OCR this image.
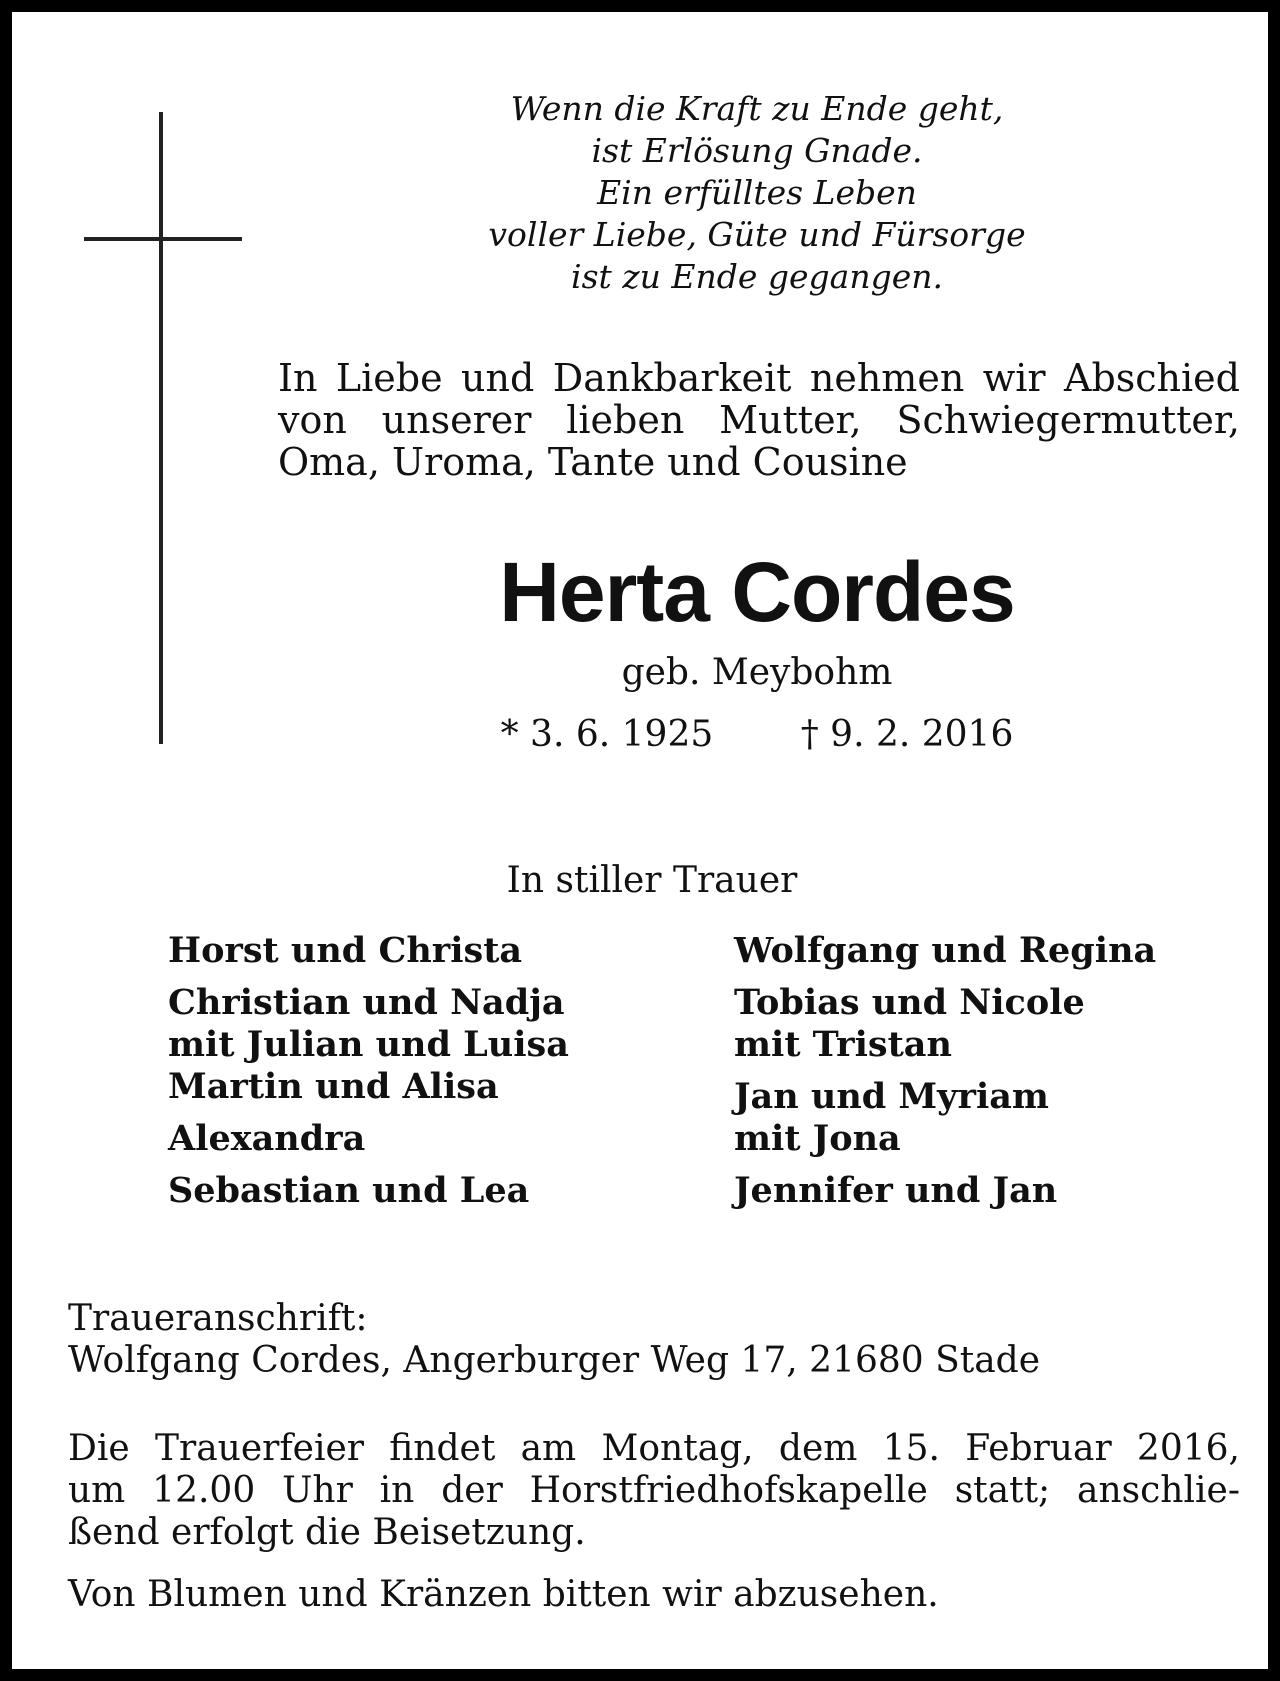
Wenn die Kraft zu Ende geht,
ist Erlösung Gnade.
Ein erfülltes Leben
voller Liebe, Güte und Fürsorge
ist zu Ende gegangen.
In Liebe und Dankbarkeit nehmen wir Abschied
von unserer lieben Mutter, Schwiegermutter,
Oma, Uroma, Tante und Cousine
Herta Cordes
geb. Meybohm
* 3. 6. 1925 † 9. 2. 2016
In stiller Trauer
Horst und Christa
Christian und Nadja
mit Julian und Luisa
Martin und Alisa
Alexandra
Sebastian und Lea
Wolfgang und Regina
Tobias und Nicole
mit Tristan
Jan und Myriam
mit Jona
Jennifer und Jan
Traueranschrift:
Wolfgang Cordes, Angerburger Weg 17, 21680 Stade
Die Trauerfeier findet am Montag, dem 15. Februar 2016,
um 12.00 Uhr in der Horstfriedhofskapelle statt; anschlie-
ßend erfolgt die Beisetzung.
Von Blumen und Kränzen bitten wir abzusehen.
